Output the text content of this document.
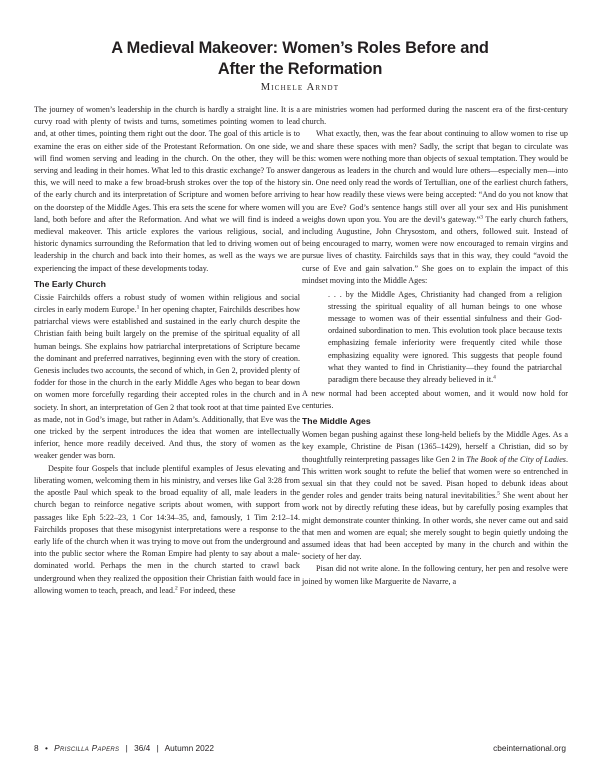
A Medieval Makeover: Women’s Roles Before and
After the Reformation
Michele Arndt

The journey of women’s leadership in the church is hardly a straight line. It is a curvy road with plenty of twists and turns, sometimes pointing women to lead and, at other times, pointing them right out the door. The goal of this article is to examine the eras on either side of the Protestant Reformation. On one side, we will find women serving and leading in the church. On the other, they will be serving and leading in their homes. What led to this drastic exchange? To answer this, we will need to make a few broad-brush strokes over the top of the history of the early church and its interpretation of Scripture and women before arriving on the doorstep of the Middle Ages. This era sets the scene for where women will land, both before and after the Reformation. And what we will find is indeed a medieval makeover. This article explores the various religious, social, and historic dynamics surrounding the Reformation that led to driving women out of leadership in the church and back into their homes, as well as the ways we are experiencing the impact of these developments today.

The Early Church

Cissie Fairchilds offers a robust study of women within religious and social circles in early modern Europe.$^1$ In her opening chapter, Fairchilds describes how patriarchal views were established and sustained in the early church despite the Christian faith being built largely on the premise of the spiritual equality of all human beings. She explains how patriarchal interpretations of Scripture became the dominant and preferred narratives, beginning even with the story of creation. Genesis includes two accounts, the second of which, in Gen 2, provided plenty of fodder for those in the church in the early Middle Ages who began to bear down on women more forcefully regarding their accepted roles in the church and in society. In short, an interpretation of Gen 2 that took root at that time painted Eve as made, not in God’s image, but rather in Adam’s. Additionally, that Eve was the one tricked by the serpent introduces the idea that women are intellectually inferior, hence more readily deceived. And thus, the story of women as the weaker gender was born.

Despite four Gospels that include plentiful examples of Jesus elevating and liberating women, welcoming them in his ministry, and verses like Gal 3:28 from the apostle Paul which speak to the broad equality of all, male leaders in the church began to reinforce negative scripts about women, with support from passages like Eph 5:22–23, 1 Cor 14:34–35, and, famously, 1 Tim 2:12–14. Fairchilds proposes that these misogynist interpretations were a response to the early life of the church when it was trying to move out from the underground and into the public sector where the Roman Empire had plenty to say about a male-dominated world. Perhaps the men in the church started to crawl back underground when they realized the opposition their Christian faith would face in allowing women to teach, preach, and lead.$^2$ For indeed, these

are ministries women had performed during the nascent era of the first-century church.

What exactly, then, was the fear about continuing to allow women to rise up and share these spaces with men? Sadly, the script that began to circulate was this: women were nothing more than objects of sexual temptation. They would be dangerous as leaders in the church and would lure others—especially men—into sin. One need only read the words of Tertullian, one of the earliest church fathers, to hear how readily these views were being accepted: “And do you not know that you are Eve? God’s sentence hangs still over all your sex and His punishment weighs down upon you. You are the devil’s gateway.”$^3$ The early church fathers, including Augustine, John Chrysostom, and others, followed suit. Instead of being encouraged to marry, women were now encouraged to remain virgins and pursue lives of chastity. Fairchilds says that in this way, they could “avoid the curse of Eve and gain salvation.” She goes on to explain the impact of this mindset moving into the Middle Ages:

. . . by the Middle Ages, Christianity had changed from a religion stressing the spiritual equality of all human beings to one whose message to women was of their essential sinfulness and their God-ordained subordination to men. This evolution took place because texts emphasizing female inferiority were frequently cited while those emphasizing equality were ignored. This suggests that people found what they wanted to find in Christianity—they found the patriarchal paradigm there because they already believed in it.$^4$

A new normal had been accepted about women, and it would now hold for centuries.

The Middle Ages

Women began pushing against these long-held beliefs by the Middle Ages. As a key example, Christine de Pisan (1365–1429), herself a Christian, did so by thoughtfully reinterpreting passages like Gen 2 in The Book of the City of Ladies. This written work sought to refute the belief that women were so entrenched in sexual sin that they could not be saved. Pisan hoped to debunk ideas about gender roles and gender traits being natural inevitabilities.$^5$ She went about her work not by directly refuting these ideas, but by carefully posing examples that might demonstrate counter thinking. In other words, she never came out and said that men and women are equal; she merely sought to begin quietly undoing the assumed ideas that had been accepted by many in the church and within the society of her day.

Pisan did not write alone. In the following century, her pen and resolve were joined by women like Marguerite de Navarre, a

8 • Priscilla Papers | 36/4 | Autumn 2022	cbeinternational.org
